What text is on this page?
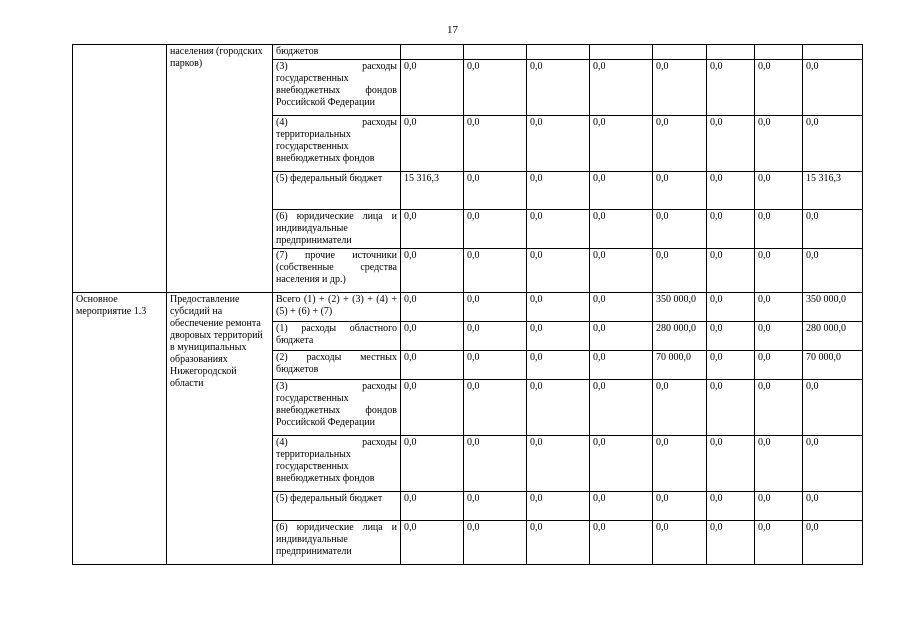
17
	населения (городских парков)	бюджетов								
		(3) расходы государственных внебюджетных фондов Российской Федерации	0,0	0,0	0,0	0,0	0,0	0,0	0,0	0,0
		(4) расходы территориальных государственных внебюджетных фондов	0,0	0,0	0,0	0,0	0,0	0,0	0,0	0,0
		(5) федеральный бюджет	15 316,3	0,0	0,0	0,0	0,0	0,0	0,0	15 316,3
		(6) юридические лица и индивидуальные предприниматели	0,0	0,0	0,0	0,0	0,0	0,0	0,0	0,0
		(7) прочие источники (собственные средства населения и др.)	0,0	0,0	0,0	0,0	0,0	0,0	0,0	0,0
Основное мероприятие 1.3	Предоставление субсидий на обеспечение ремонта дворовых территорий в муниципальных образованиях Нижегородской области	Всего (1) + (2) + (3) + (4) + (5) + (6) + (7)	0,0	0,0	0,0	0,0	350 000,0	0,0	0,0	350 000,0
		(1) расходы областного бюджета	0,0	0,0	0,0	0,0	280 000,0	0,0	0,0	280 000,0
		(2) расходы местных бюджетов	0,0	0,0	0,0	0,0	70 000,0	0,0	0,0	70 000,0
		(3) расходы государственных внебюджетных фондов Российской Федерации	0,0	0,0	0,0	0,0	0,0	0,0	0,0	0,0
		(4) расходы территориальных государственных внебюджетных фондов	0,0	0,0	0,0	0,0	0,0	0,0	0,0	0,0
		(5) федеральный бюджет	0,0	0,0	0,0	0,0	0,0	0,0	0,0	0,0
		(6) юридические лица и индивидуальные предприниматели	0,0	0,0	0,0	0,0	0,0	0,0	0,0	0,0
